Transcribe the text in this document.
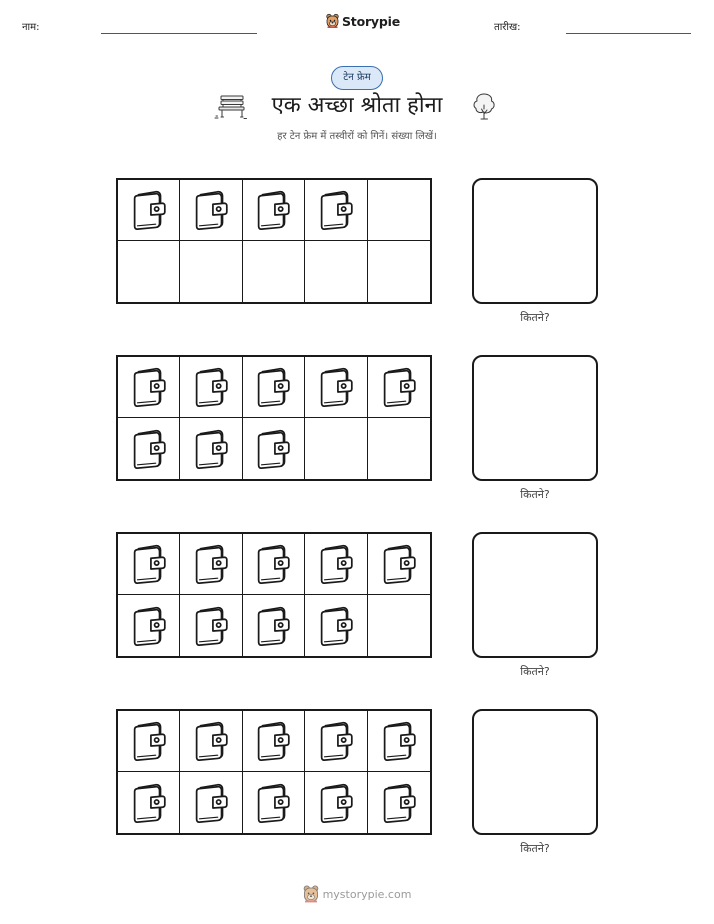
नाम:	Storypie	तारीख:
टेन फ्रेम
एक अच्छा श्रोता होना
हर टेन फ्रेम में तस्वीरों को गिनें। संख्या लिखें।
कितने?
कितने?
कितने?
कितने?
mystorypie.com
